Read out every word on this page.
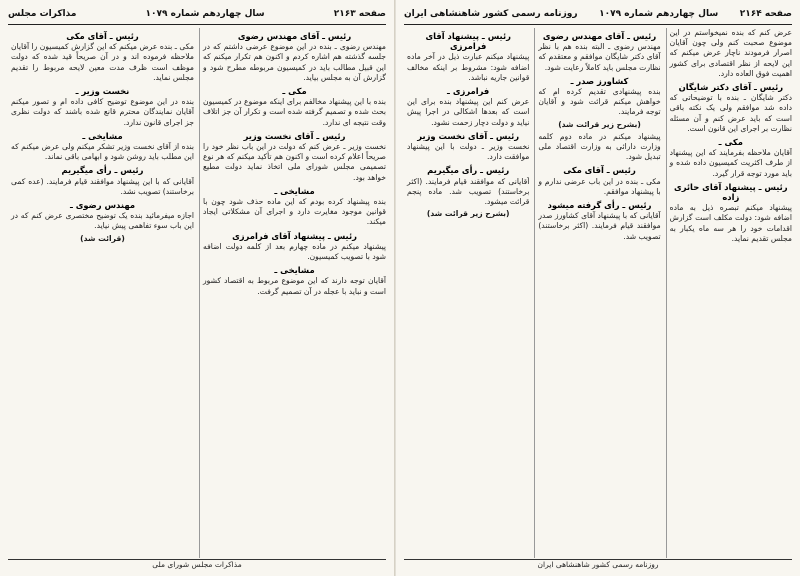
صفحه ۲۱۶۳
سال چهاردهم شماره ۱۰۷۹
مذاکرات مجلس

رئیس ـ آقای مهندس رضوی

مهندس رضوی ـ بنده در این موضوع عرضی داشتم که در جلسه گذشته هم اشاره کردم و اکنون هم تکرار میکنم که این قبیل مطالب باید در کمیسیون مربوطه مطرح شود و گزارش آن به مجلس بیاید.

مکی ـ

بنده با این پیشنهاد مخالفم برای اینکه موضوع در کمیسیون بحث شده و تصمیم گرفته شده است و تکرار آن جز اتلاف وقت نتیجه ای ندارد.

رئیس ـ آقای نخست وزیر

نخست وزیر ـ عرض کنم که دولت در این باب نظر خود را صریحاً اعلام کرده است و اکنون هم تأکید میکنم که هر نوع تصمیمی مجلس شورای ملی اتخاذ نماید دولت مطیع خواهد بود.

مشایخی ـ

بنده پیشنهاد کرده بودم که این ماده حذف شود چون با قوانین موجود مغایرت دارد و اجرای آن مشکلاتی ایجاد میکند.

رئیس ـ پیشنهاد آقای فرامرزی

پیشنهاد میکنم در ماده چهارم بعد از کلمه دولت اضافه شود با تصویب کمیسیون.

مشایخی ـ

آقایان توجه دارند که این موضوع مربوط به اقتصاد کشور است و نباید با عجله در آن تصمیم گرفت.

رئیس ـ آقای مکی

مکی ـ بنده عرض میکنم که این گزارش کمیسیون را آقایان ملاحظه فرموده اند و در آن صریحاً قید شده که دولت موظف است ظرف مدت معین لایحه مربوط را تقدیم مجلس نماید.

نخست وزیر ـ

بنده در این موضوع توضیح کافی داده ام و تصور میکنم آقایان نمایندگان محترم قانع شده باشند که دولت نظری جز اجرای قانون ندارد.

مشایخی ـ

بنده از آقای نخست وزیر تشکر میکنم ولی عرض میکنم که این مطلب باید روشن شود و ابهامی باقی نماند.

رئیس ـ رأی میگیریم

آقایانی که با این پیشنهاد موافقند قیام فرمایند. (عده کمی برخاستند) تصویب نشد.

مهندس رضوی ـ

اجازه میفرمائید بنده یک توضیح مختصری عرض کنم که در این باب سوء تفاهمی پیش نیاید.

(قرائت شد)

مذاکرات مجلس شورای ملی
صفحه ۲۱۶۴
سال چهاردهم شماره ۱۰۷۹
روزنامه رسمی کشور شاهنشاهی ایران

عرض کنم که بنده نمیخواستم در این موضوع صحبت کنم ولی چون آقایان اصرار فرمودند ناچار عرض میکنم که این لایحه از نظر اقتصادی برای کشور اهمیت فوق العاده دارد.

رئیس ـ آقای دکتر شایگان

دکتر شایگان ـ بنده با توضیحاتی که داده شد موافقم ولی یک نکته باقی است که باید عرض کنم و آن مسئله نظارت بر اجرای این قانون است.

مکی ـ

آقایان ملاحظه بفرمایند که این پیشنهاد از طرف اکثریت کمیسیون داده شده و باید مورد توجه قرار گیرد.

رئیس ـ پیشنهاد آقای حائری زاده

پیشنهاد میکنم تبصره ذیل به ماده اضافه شود: دولت مکلف است گزارش اقدامات خود را هر سه ماه یکبار به مجلس تقدیم نماید.

رئیس ـ آقای مهندس رضوی

مهندس رضوی ـ البته بنده هم با نظر آقای دکتر شایگان موافقم و معتقدم که نظارت مجلس باید کاملاً رعایت شود.

کشاورز صدر ـ

بنده پیشنهادی تقدیم کرده ام که خواهش میکنم قرائت شود و آقایان توجه فرمایند.

(بشرح زیر قرائت شد)

پیشنهاد میکنم در ماده دوم کلمه وزارت دارائی به وزارت اقتصاد ملی تبدیل شود.

رئیس ـ آقای مکی

مکی ـ بنده در این باب عرضی ندارم و با پیشنهاد موافقم.

رئیس ـ رأی گرفته میشود

آقایانی که با پیشنهاد آقای کشاورز صدر موافقند قیام فرمایند. (اکثر برخاستند) تصویب شد.

رئیس ـ پیشنهاد آقای فرامرزی

پیشنهاد میکنم عبارت ذیل در آخر ماده اضافه شود: مشروط بر اینکه مخالف قوانین جاریه نباشد.

فرامرزی ـ

عرض کنم این پیشنهاد بنده برای این است که بعدها اشکالی در اجرا پیش نیاید و دولت دچار زحمت نشود.

رئیس ـ آقای نخست وزیر

نخست وزیر ـ دولت با این پیشنهاد موافقت دارد.

رئیس ـ رأی میگیریم

آقایانی که موافقند قیام فرمایند. (اکثر برخاستند) تصویب شد. ماده پنجم قرائت میشود.

(بشرح زیر قرائت شد)

روزنامه رسمی کشور شاهنشاهی ایران
